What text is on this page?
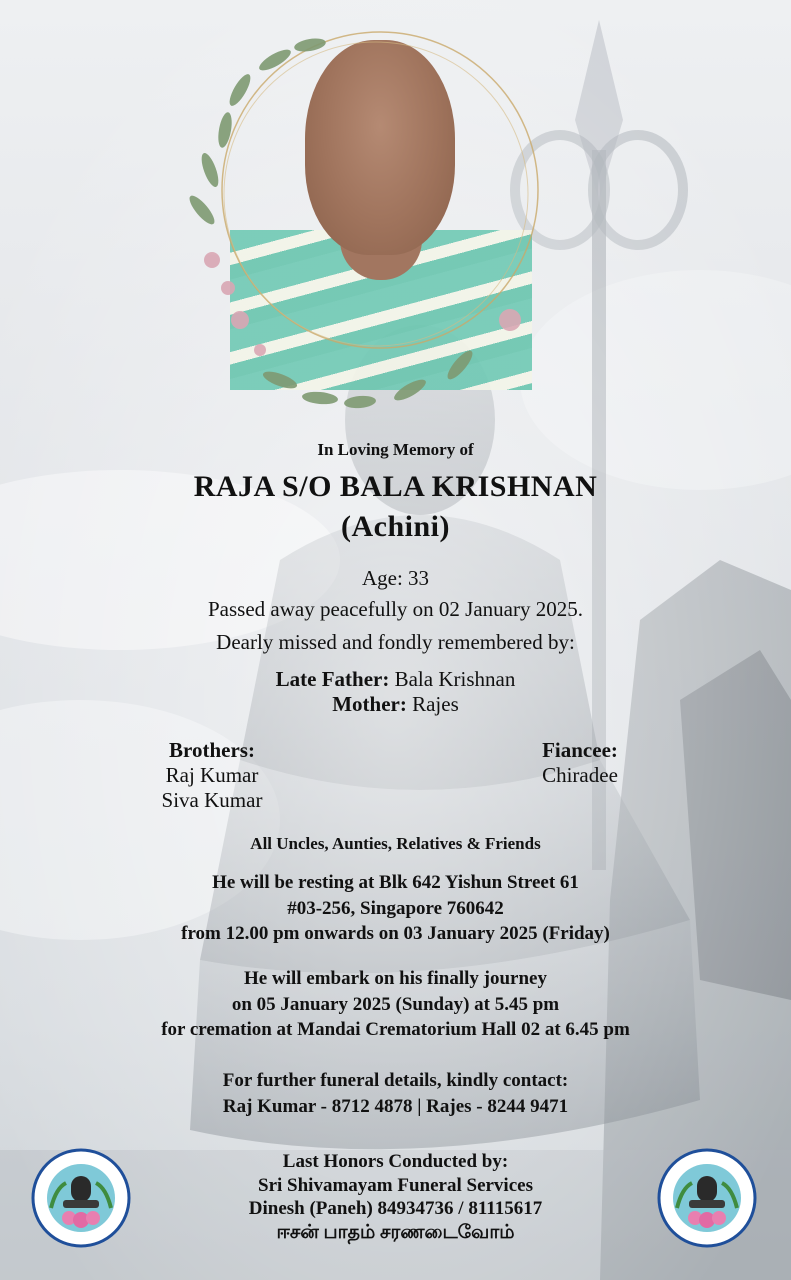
In Loving Memory of
RAJA S/O BALA KRISHNAN
(Achini)
Age: 33
Passed away peacefully on 02 January 2025.
Dearly missed and fondly remembered by:
Late Father: Bala Krishnan
Mother: Rajes
Brothers:
Raj Kumar
Siva Kumar
Fiancee:
Chiradee
All Uncles, Aunties, Relatives & Friends
He will be resting at Blk 642 Yishun Street 61
#03-256, Singapore 760642
from 12.00 pm onwards on 03 January 2025 (Friday)
He will embark on his finally journey
on 05 January 2025 (Sunday) at 5.45 pm
for cremation at Mandai Crematorium Hall 02 at 6.45 pm
For further funeral details, kindly contact:
Raj Kumar - 8712 4878 | Rajes - 8244 9471
Last Honors Conducted by:
Sri Shivamayam Funeral Services
Dinesh (Paneh) 84934736 / 81115617
ஈசன் பாதம் சரணடைவோம்
